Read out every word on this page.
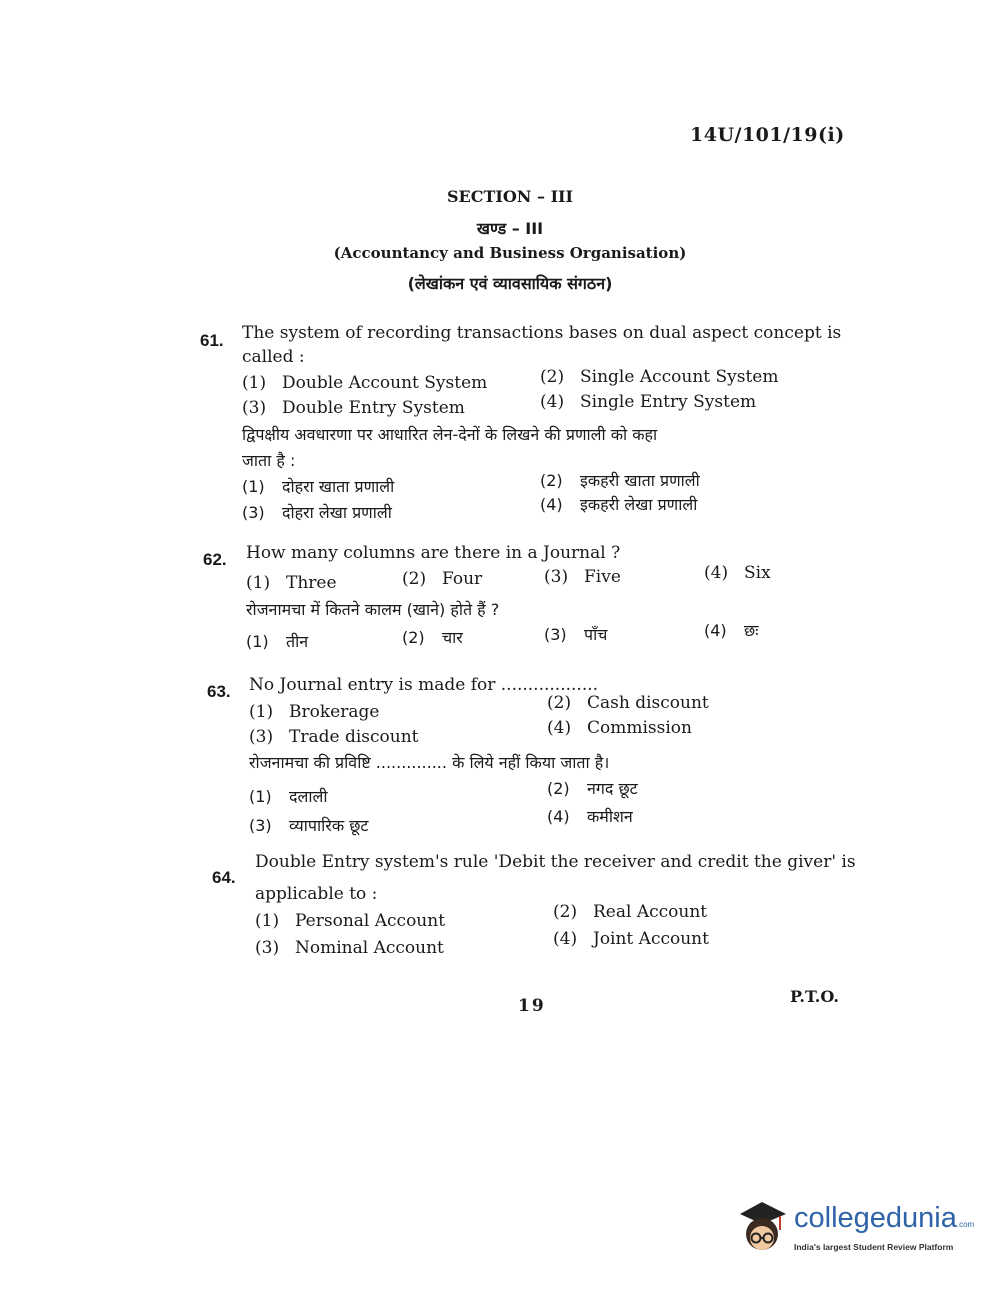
14U/101/19(i)
SECTION – III
खण्ड – III
(Accountancy and Business Organisation)
(लेखांकन एवं व्यावसायिक संगठन)
61. The system of recording transactions bases on dual aspect concept is
called :
(1) Double Account System	(2) Single Account System
(3) Double Entry System	(4) Single Entry System
द्विपक्षीय अवधारणा पर आधारित लेन-देनों के लिखने की प्रणाली को कहा
जाता है :
(1) दोहरा खाता प्रणाली	(2) इकहरी खाता प्रणाली
(3) दोहरा लेखा प्रणाली	(4) इकहरी लेखा प्रणाली
62. How many columns are there in a Journal ?
(1) Three	(2) Four	(3) Five	(4) Six
रोजनामचा में कितने कालम (खाने) होते हैं ?
(1) तीन	(2) चार	(3) पाँच	(4) छः
63. No Journal entry is made for ..................
(1) Brokerage	(2) Cash discount
(3) Trade discount	(4) Commission
रोजनामचा की प्रविष्टि .............. के लिये नहीं किया जाता है।
(1) दलाली	(2) नगद छूट
(3) व्यापारिक छूट	(4) कमीशन
64.
Double Entry system's rule 'Debit the receiver and credit the giver' is
applicable to :
(1) Personal Account	(2) Real Account
(3) Nominal Account	(4) Joint Account
19	P.T.O.
collegedunia.com
India's largest Student Review Platform
